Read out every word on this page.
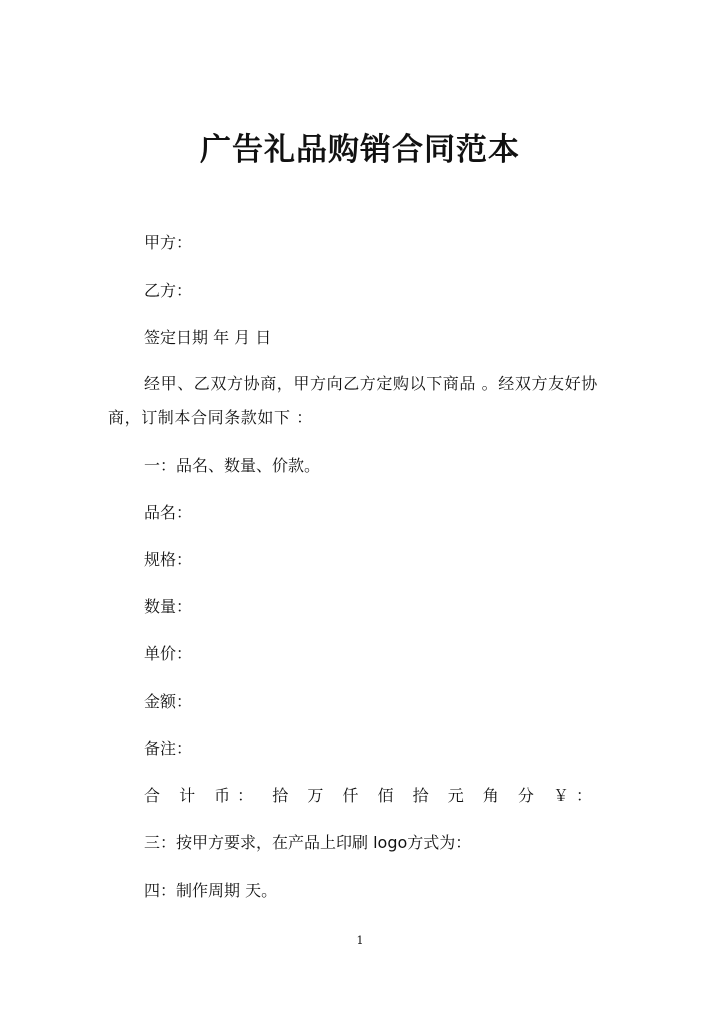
广告礼品购销合同范本

甲方：

乙方：

签定日期 年 月 日

经甲、乙双方协商，甲方向乙方定购以下商品 。经双方友好协商，订制本合同条款如下 ：

一：品名、数量、价款。

品名：

规格：

数量：

单价：

金额：

备注：

合 计 币： 拾 万 仟 佰 拾 元 角 分 ￥：

三：按甲方要求，在产品上印刷 logo方式为：

四：制作周期 天。

1
